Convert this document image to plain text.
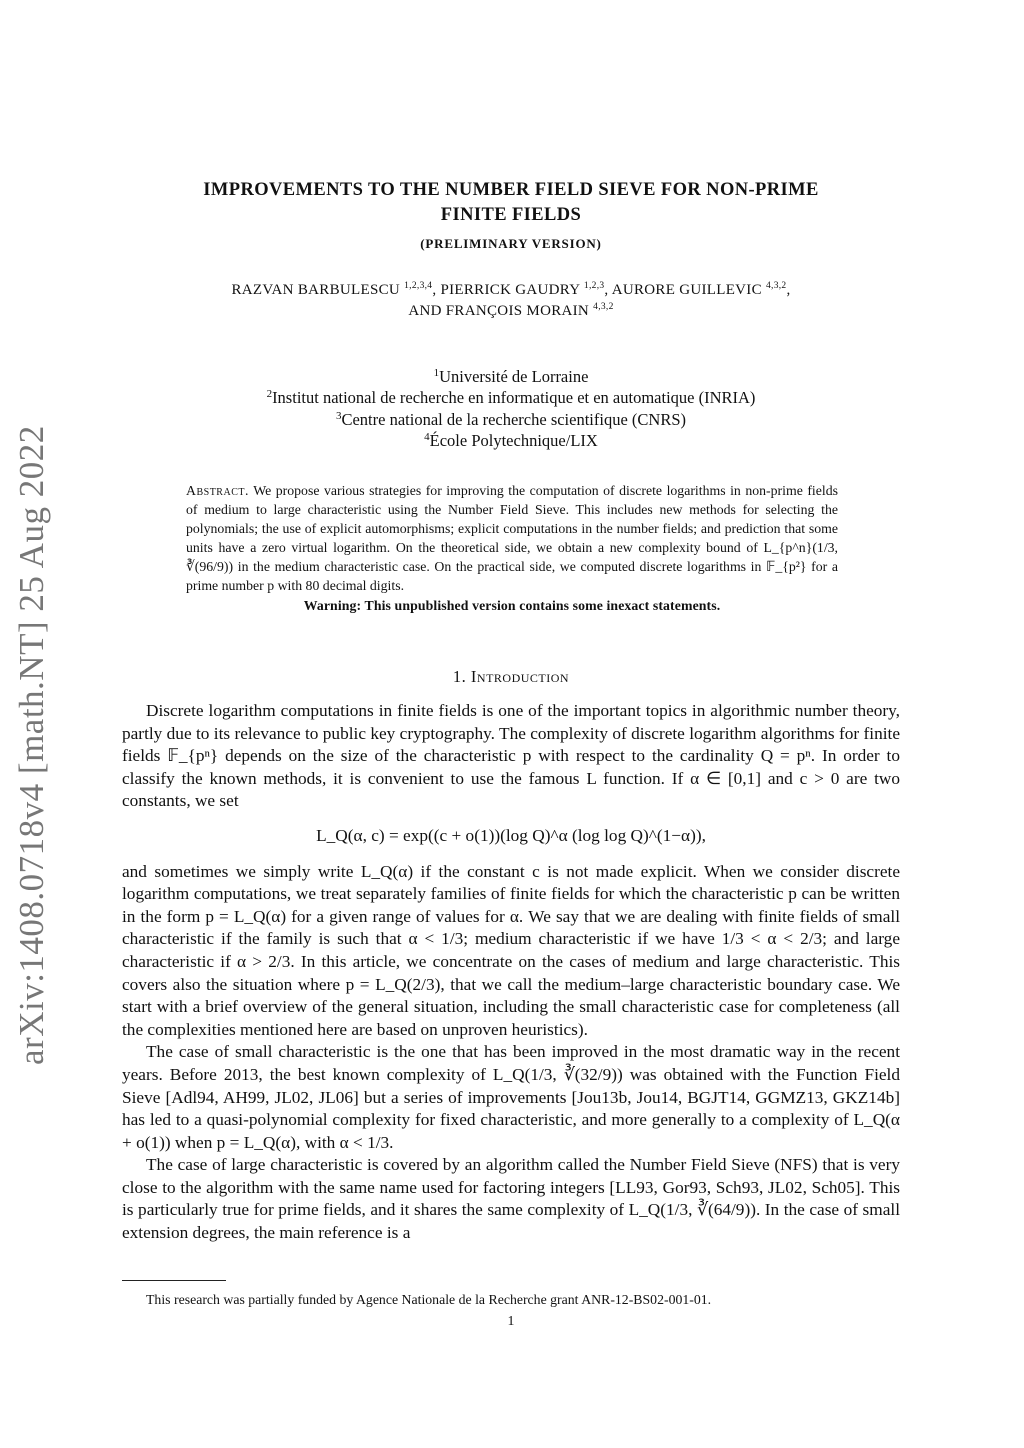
arXiv:1408.0718v4 [math.NT] 25 Aug 2022
IMPROVEMENTS TO THE NUMBER FIELD SIEVE FOR NON-PRIME
FINITE FIELDS
(PRELIMINARY VERSION)
RAZVAN BARBULESCU $^{1,2,3,4}$, PIERRICK GAUDRY $^{1,2,3}$, AURORE GUILLEVIC $^{4,3,2}$,
AND FRANÇOIS MORAIN $^{4,3,2}$
$^1$Université de Lorraine
$^2$Institut national de recherche en informatique et en automatique (INRIA)
$^3$Centre national de la recherche scientifique (CNRS)
$^4$École Polytechnique/LIX
Abstract. We propose various strategies for improving the computation of discrete logarithms in non-prime fields of medium to large characteristic using the Number Field Sieve. This includes new methods for selecting the polynomials; the use of explicit automorphisms; explicit computations in the number fields; and prediction that some units have a zero virtual logarithm. On the theoretical side, we obtain a new complexity bound of L_{p^n}(1/3, ∛(96/9)) in the medium characteristic case. On the practical side, we computed discrete logarithms in 𝔽_{p²} for a prime number p with 80 decimal digits.
Warning: This unpublished version contains some inexact statements.
1. Introduction

Discrete logarithm computations in finite fields is one of the important topics in algorithmic number theory, partly due to its relevance to public key cryptography. The complexity of discrete logarithm algorithms for finite fields 𝔽_{pⁿ} depends on the size of the characteristic p with respect to the cardinality Q = pⁿ. In order to classify the known methods, it is convenient to use the famous L function. If α ∈ [0,1] and c > 0 are two constants, we set

L_Q(α, c) = exp((c + o(1))(log Q)^α (log log Q)^(1−α)),

and sometimes we simply write L_Q(α) if the constant c is not made explicit. When we consider discrete logarithm computations, we treat separately families of finite fields for which the characteristic p can be written in the form p = L_Q(α) for a given range of values for α. We say that we are dealing with finite fields of small characteristic if the family is such that α < 1/3; medium characteristic if we have 1/3 < α < 2/3; and large characteristic if α > 2/3. In this article, we concentrate on the cases of medium and large characteristic. This covers also the situation where p = L_Q(2/3), that we call the medium–large characteristic boundary case. We start with a brief overview of the general situation, including the small characteristic case for completeness (all the complexities mentioned here are based on unproven heuristics).

The case of small characteristic is the one that has been improved in the most dramatic way in the recent years. Before 2013, the best known complexity of L_Q(1/3, ∛(32/9)) was obtained with the Function Field Sieve [Adl94, AH99, JL02, JL06] but a series of improvements [Jou13b, Jou14, BGJT14, GGMZ13, GKZ14b] has led to a quasi-polynomial complexity for fixed characteristic, and more generally to a complexity of L_Q(α + o(1)) when p = L_Q(α), with α < 1/3.

The case of large characteristic is covered by an algorithm called the Number Field Sieve (NFS) that is very close to the algorithm with the same name used for factoring integers [LL93, Gor93, Sch93, JL02, Sch05]. This is particularly true for prime fields, and it shares the same complexity of L_Q(1/3, ∛(64/9)). In the case of small extension degrees, the main reference is a

This research was partially funded by Agence Nationale de la Recherche grant ANR-12-BS02-001-01.
1
